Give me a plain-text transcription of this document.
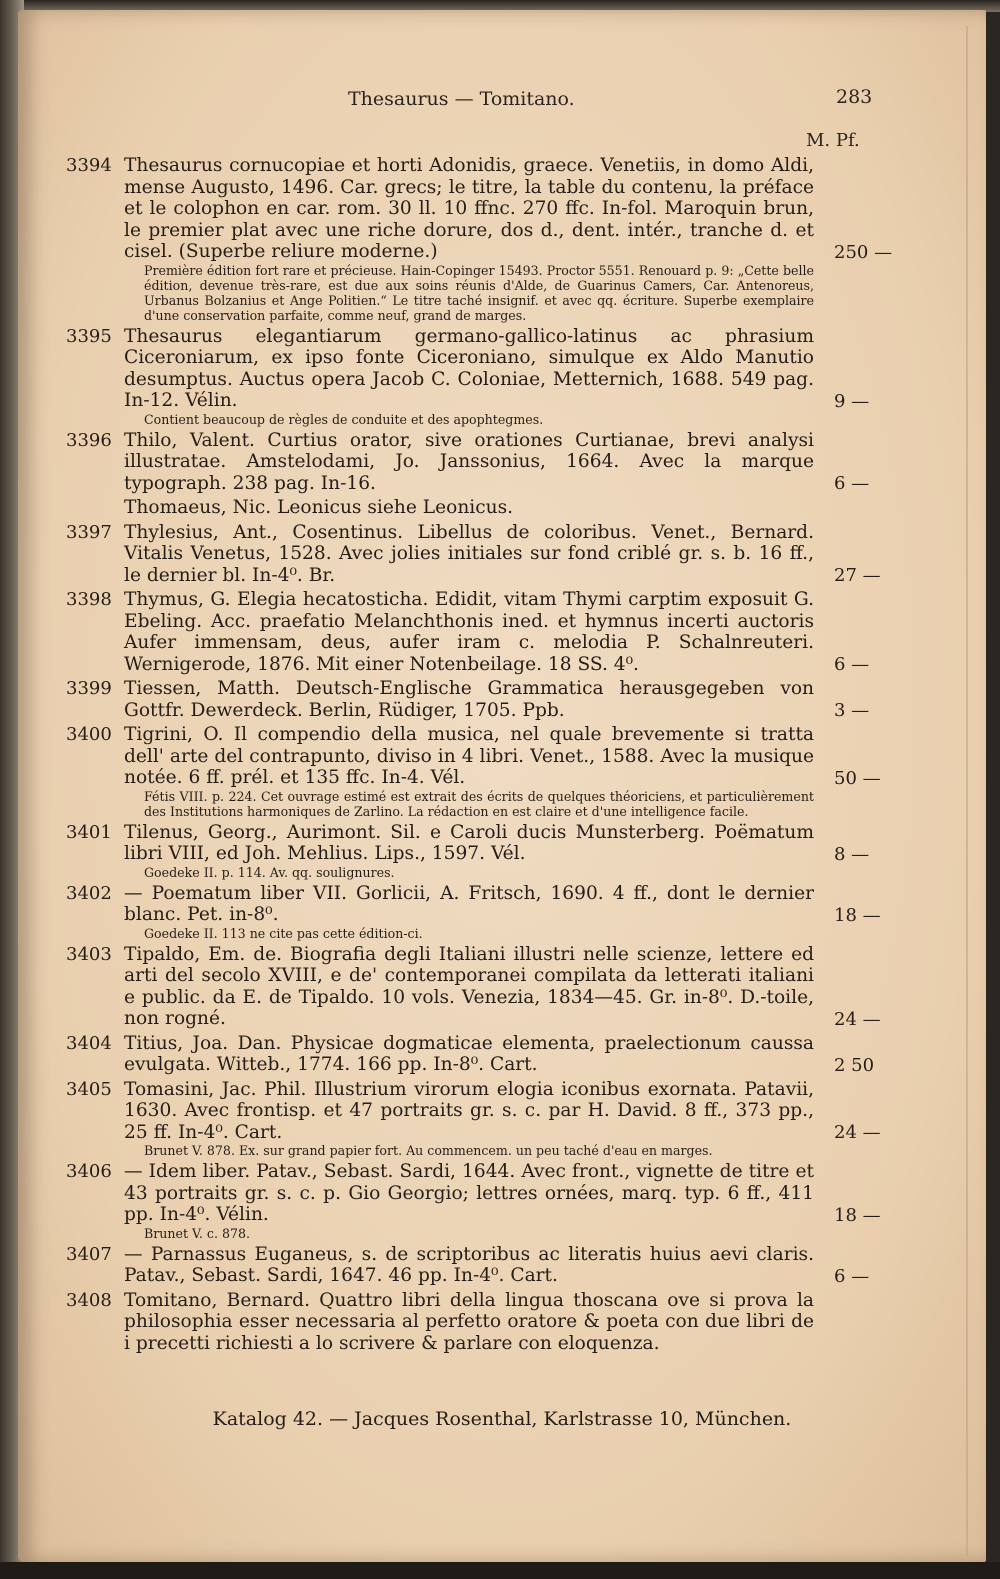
Thesaurus — Tomitano.	283
M. Pf.
3394 Thesaurus cornucopiae et horti Adonidis, graece. Venetiis, in domo Aldi, mense Augusto, 1496. Car. grecs; le titre, la table du contenu, la préface et le colophon en car. rom. 30 ll. 10 ffnc. 270 ffc. In-fol. Maroquin brun, le premier plat avec une riche dorure, dos d., dent. intér., tranche d. et cisel. (Superbe reliure moderne.)	250 —
Première édition fort rare et précieuse. Hain-Copinger 15493. Proctor 5551. Renouard p. 9: „Cette belle édition, devenue très-rare, est due aux soins réunis d'Alde, de Guarinus Camers, Car. Antenoreus, Urbanus Bolzanius et Ange Politien.“ Le titre taché insignif. et avec qq. écriture. Superbe exemplaire d'une conservation parfaite, comme neuf, grand de marges.
3395 Thesaurus elegantiarum germano-gallico-latinus ac phrasium Ciceroniarum, ex ipso fonte Ciceroniano, simulque ex Aldo Manutio desumptus. Auctus opera Jacob C. Coloniae, Metternich, 1688. 549 pag. In-12. Vélin.	9 —
Contient beaucoup de règles de conduite et des apophtegmes.
3396 Thilo, Valent. Curtius orator, sive orationes Curtianae, brevi analysi illustratae. Amstelodami, Jo. Janssonius, 1664. Avec la marque typograph. 238 pag. In-16.	6 —
Thomaeus, Nic. Leonicus siehe Leonicus.
3397 Thylesius, Ant., Cosentinus. Libellus de coloribus. Venet., Bernard. Vitalis Venetus, 1528. Avec jolies initiales sur fond criblé gr. s. b. 16 ff., le dernier bl. In-4⁰. Br.	27 —
3398 Thymus, G. Elegia hecatosticha. Edidit, vitam Thymi carptim exposuit G. Ebeling. Acc. praefatio Melanchthonis ined. et hymnus incerti auctoris Aufer immensam, deus, aufer iram c. melodia P. Schalnreuteri. Wernigerode, 1876. Mit einer Notenbeilage. 18 SS. 4⁰.	6 —
3399 Tiessen, Matth. Deutsch-Englische Grammatica herausgegeben von Gottfr. Dewerdeck. Berlin, Rüdiger, 1705. Ppb.	3 —
3400 Tigrini, O. Il compendio della musica, nel quale brevemente si tratta dell' arte del contrapunto, diviso in 4 libri. Venet., 1588. Avec la musique notée. 6 ff. prél. et 135 ffc. In-4. Vél.	50 —
Fétis VIII. p. 224. Cet ouvrage estimé est extrait des écrits de quelques théoriciens, et particulièrement des Institutions harmoniques de Zarlino. La rédaction en est claire et d'une intelligence facile.
3401 Tilenus, Georg., Aurimont. Sil. e Caroli ducis Munsterberg. Poëmatum libri VIII, ed Joh. Mehlius. Lips., 1597. Vél.	8 —
Goedeke II. p. 114. Av. qq. soulignures.
3402 — Poematum liber VII. Gorlicii, A. Fritsch, 1690. 4 ff., dont le dernier blanc. Pet. in-8⁰.	18 —
Goedeke II. 113 ne cite pas cette édition-ci.
3403 Tipaldo, Em. de. Biografia degli Italiani illustri nelle scienze, lettere ed arti del secolo XVIII, e de' contemporanei compilata da letterati italiani e public. da E. de Tipaldo. 10 vols. Venezia, 1834—45. Gr. in-8⁰. D.-toile, non rogné.	24 —
3404 Titius, Joa. Dan. Physicae dogmaticae elementa, praelectionum caussa evulgata. Witteb., 1774. 166 pp. In-8⁰. Cart.	2 50
3405 Tomasini, Jac. Phil. Illustrium virorum elogia iconibus exornata. Patavii, 1630. Avec frontisp. et 47 portraits gr. s. c. par H. David. 8 ff., 373 pp., 25 ff. In-4⁰. Cart.	24 —
Brunet V. 878. Ex. sur grand papier fort. Au commencem. un peu taché d'eau en marges.
3406 — Idem liber. Patav., Sebast. Sardi, 1644. Avec front., vignette de titre et 43 portraits gr. s. c. p. Gio Georgio; lettres ornées, marq. typ. 6 ff., 411 pp. In-4⁰. Vélin.	18 —
Brunet V. c. 878.
3407 — Parnassus Euganeus, s. de scriptoribus ac literatis huius aevi claris. Patav., Sebast. Sardi, 1647. 46 pp. In-4⁰. Cart.	6 —
3408 Tomitano, Bernard. Quattro libri della lingua thoscana ove si prova la philosophia esser necessaria al perfetto oratore & poeta con due libri de i precetti richiesti a lo scrivere & parlare con eloquenza.
Katalog 42. — Jacques Rosenthal, Karlstrasse 10, München.
